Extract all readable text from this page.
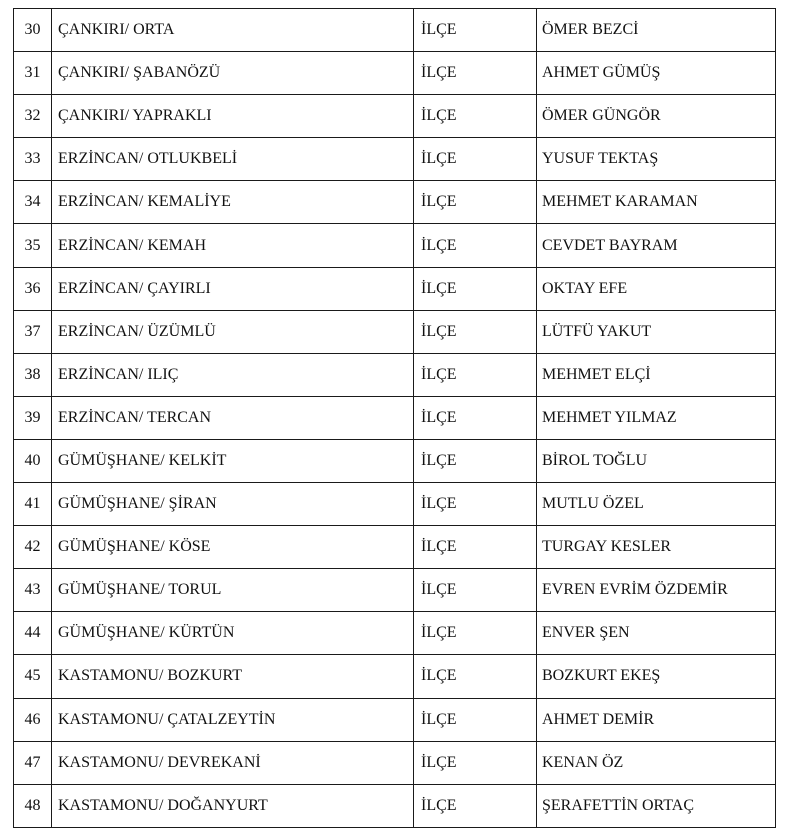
30	ÇANKIRI/ ORTA	İLÇE	ÖMER BEZCİ
31	ÇANKIRI/ ŞABANÖZÜ	İLÇE	AHMET GÜMÜŞ
32	ÇANKIRI/ YAPRAKLI	İLÇE	ÖMER GÜNGÖR
33	ERZİNCAN/ OTLUKBELİ	İLÇE	YUSUF TEKTAŞ
34	ERZİNCAN/ KEMALİYE	İLÇE	MEHMET KARAMAN
35	ERZİNCAN/ KEMAH	İLÇE	CEVDET BAYRAM
36	ERZİNCAN/ ÇAYIRLI	İLÇE	OKTAY EFE
37	ERZİNCAN/ ÜZÜMLÜ	İLÇE	LÜTFÜ YAKUT
38	ERZİNCAN/ ILIÇ	İLÇE	MEHMET ELÇİ
39	ERZİNCAN/ TERCAN	İLÇE	MEHMET YILMAZ
40	GÜMÜŞHANE/ KELKİT	İLÇE	BİROL TOĞLU
41	GÜMÜŞHANE/ ŞİRAN	İLÇE	MUTLU ÖZEL
42	GÜMÜŞHANE/ KÖSE	İLÇE	TURGAY KESLER
43	GÜMÜŞHANE/ TORUL	İLÇE	EVREN EVRİM ÖZDEMİR
44	GÜMÜŞHANE/ KÜRTÜN	İLÇE	ENVER ŞEN
45	KASTAMONU/ BOZKURT	İLÇE	BOZKURT EKEŞ
46	KASTAMONU/ ÇATALZEYTİN	İLÇE	AHMET DEMİR
47	KASTAMONU/ DEVREKANİ	İLÇE	KENAN ÖZ
48	KASTAMONU/ DOĞANYURT	İLÇE	ŞERAFETTİN ORTAÇ
